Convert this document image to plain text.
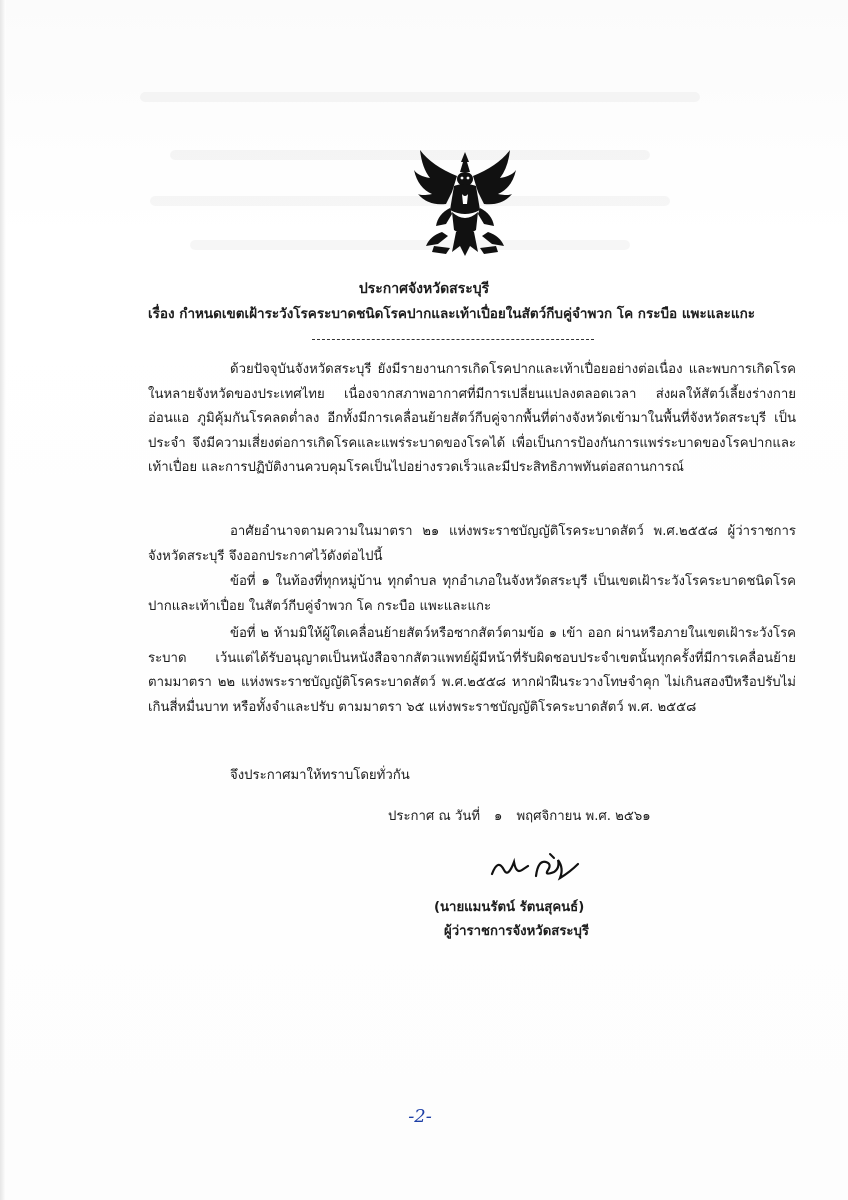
ประกาศจังหวัดสระบุรี
เรื่อง กำหนดเขตเฝ้าระวังโรคระบาดชนิดโรคปากและเท้าเปื่อยในสัตว์กีบคู่จำพวก โค กระบือ แพะและแกะ
ด้วยปัจจุบันจังหวัดสระบุรี ยังมีรายงานการเกิดโรคปากและเท้าเปื่อยอย่างต่อเนื่อง และพบการเกิดโรคในหลายจังหวัดของประเทศไทย เนื่องจากสภาพอากาศที่มีการเปลี่ยนแปลงตลอดเวลา ส่งผลให้สัตว์เลี้ยงร่างกายอ่อนแอ ภูมิคุ้มกันโรคลดต่ำลง อีกทั้งมีการเคลื่อนย้ายสัตว์กีบคู่จากพื้นที่ต่างจังหวัดเข้ามาในพื้นที่จังหวัดสระบุรี เป็นประจำ จึงมีความเสี่ยงต่อการเกิดโรคและแพร่ระบาดของโรคได้ เพื่อเป็นการป้องกันการแพร่ระบาดของโรคปากและเท้าเปื่อย และการปฏิบัติงานควบคุมโรคเป็นไปอย่างรวดเร็วและมีประสิทธิภาพทันต่อสถานการณ์
อาศัยอำนาจตามความในมาตรา ๒๑ แห่งพระราชบัญญัติโรคระบาดสัตว์ พ.ศ.๒๕๕๘ ผู้ว่าราชการจังหวัดสระบุรี จึงออกประกาศไว้ดังต่อไปนี้
ข้อที่ ๑ ในท้องที่ทุกหมู่บ้าน ทุกตำบล ทุกอำเภอในจังหวัดสระบุรี เป็นเขตเฝ้าระวังโรคระบาดชนิดโรคปากและเท้าเปื่อย ในสัตว์กีบคู่จำพวก โค กระบือ แพะและแกะ
ข้อที่ ๒ ห้ามมิให้ผู้ใดเคลื่อนย้ายสัตว์หรือซากสัตว์ตามข้อ ๑ เข้า ออก ผ่านหรือภายในเขตเฝ้าระวังโรคระบาด เว้นแต่ได้รับอนุญาตเป็นหนังสือจากสัตวแพทย์ผู้มีหน้าที่รับผิดชอบประจำเขตนั้นทุกครั้งที่มีการเคลื่อนย้าย ตามมาตรา ๒๒ แห่งพระราชบัญญัติโรคระบาดสัตว์ พ.ศ.๒๕๕๘ หากฝ่าฝืนระวางโทษจำคุก ไม่เกินสองปีหรือปรับไม่เกินสี่หมื่นบาท หรือทั้งจำและปรับ ตามมาตรา ๖๕ แห่งพระราชบัญญัติโรคระบาดสัตว์ พ.ศ. ๒๕๕๘
จึงประกาศมาให้ทราบโดยทั่วกัน
ประกาศ ณ วันที่ ๑ พฤศจิกายน พ.ศ. ๒๕๖๑
(นายแมนรัตน์ รัตนสุคนธ์)
ผู้ว่าราชการจังหวัดสระบุรี
-2-
